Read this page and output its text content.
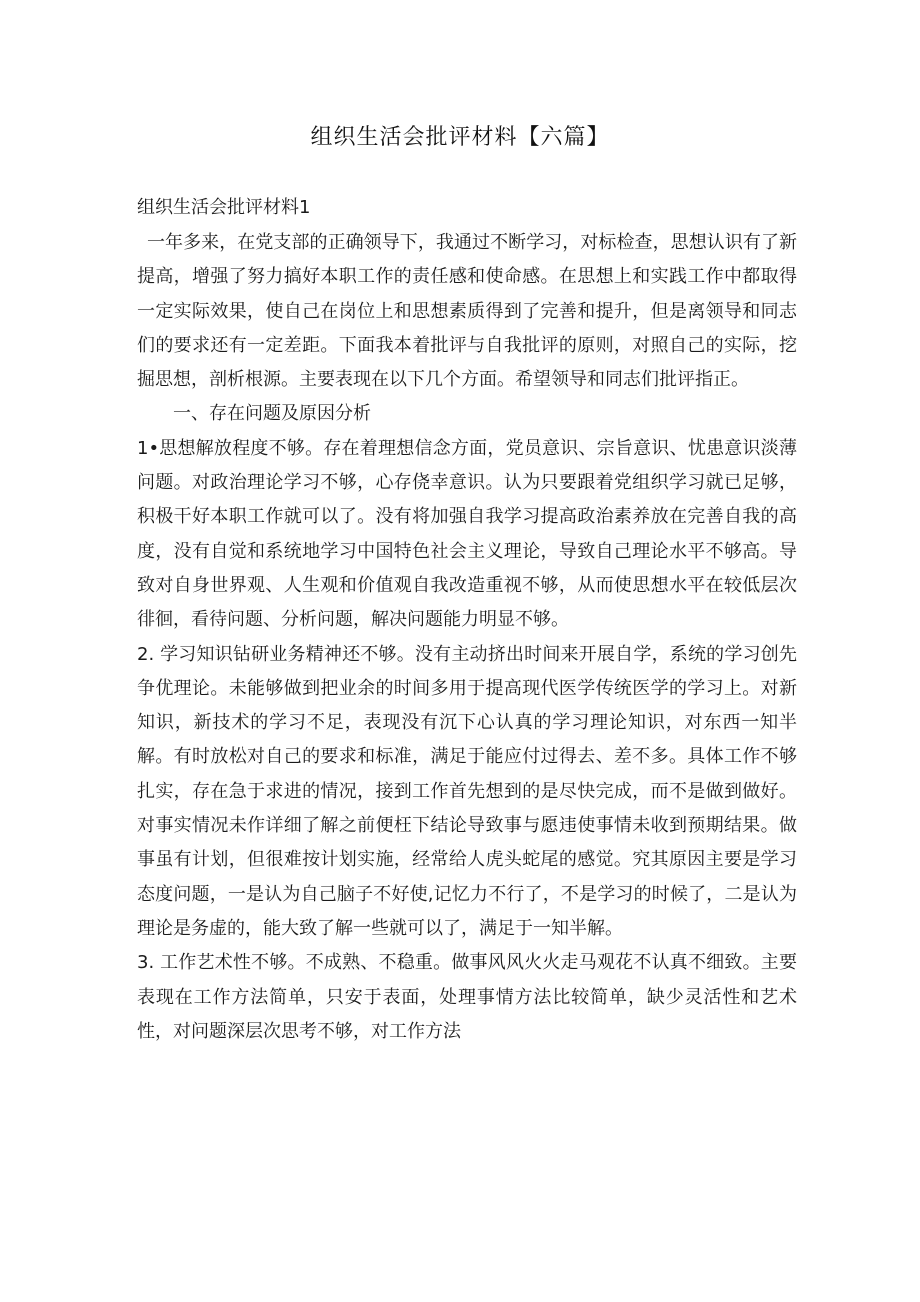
组织生活会批评材料【六篇】
组织生活会批评材料1

一年多来，在党支部的正确领导下，我通过不断学习，对标检查，思想认识有了新提高，增强了努力搞好本职工作的责任感和使命感。在思想上和实践工作中都取得一定实际效果，使自己在岗位上和思想素质得到了完善和提升，但是离领导和同志们的要求还有一定差距。下面我本着批评与自我批评的原则，对照自己的实际，挖掘思想，剖析根源。主要表现在以下几个方面。希望领导和同志们批评指正。

一、存在问题及原因分析

1•思想解放程度不够。存在着理想信念方面，党员意识、宗旨意识、忧患意识淡薄问题。对政治理论学习不够，心存侥幸意识。认为只要跟着党组织学习就已足够，积极干好本职工作就可以了。没有将加强自我学习提高政治素养放在完善自我的高度，没有自觉和系统地学习中国特色社会主义理论，导致自己理论水平不够高。导致对自身世界观、人生观和价值观自我改造重视不够，从而使思想水平在较低层次徘徊，看待问题、分析问题，解决问题能力明显不够。

2. 学习知识钻研业务精神还不够。没有主动挤出时间来开展自学，系统的学习创先争优理论。未能够做到把业余的时间多用于提高现代医学传统医学的学习上。对新知识，新技术的学习不足，表现没有沉下心认真的学习理论知识，对东西一知半解。有时放松对自己的要求和标准，满足于能应付过得去、差不多。具体工作不够扎实，存在急于求进的情况，接到工作首先想到的是尽快完成，而不是做到做好。对事实情况未作详细了解之前便枉下结论导致事与愿违使事情未收到预期结果。做事虽有计划，但很难按计划实施，经常给人虎头蛇尾的感觉。究其原因主要是学习态度问题，一是认为自己脑子不好使,记忆力不行了，不是学习的时候了，二是认为理论是务虚的，能大致了解一些就可以了，满足于一知半解。

3. 工作艺术性不够。不成熟、不稳重。做事风风火火走马观花不认真不细致。主要表现在工作方法简单，只安于表面，处理事情方法比较简单，缺少灵活性和艺术性，对问题深层次思考不够，对工作方法
